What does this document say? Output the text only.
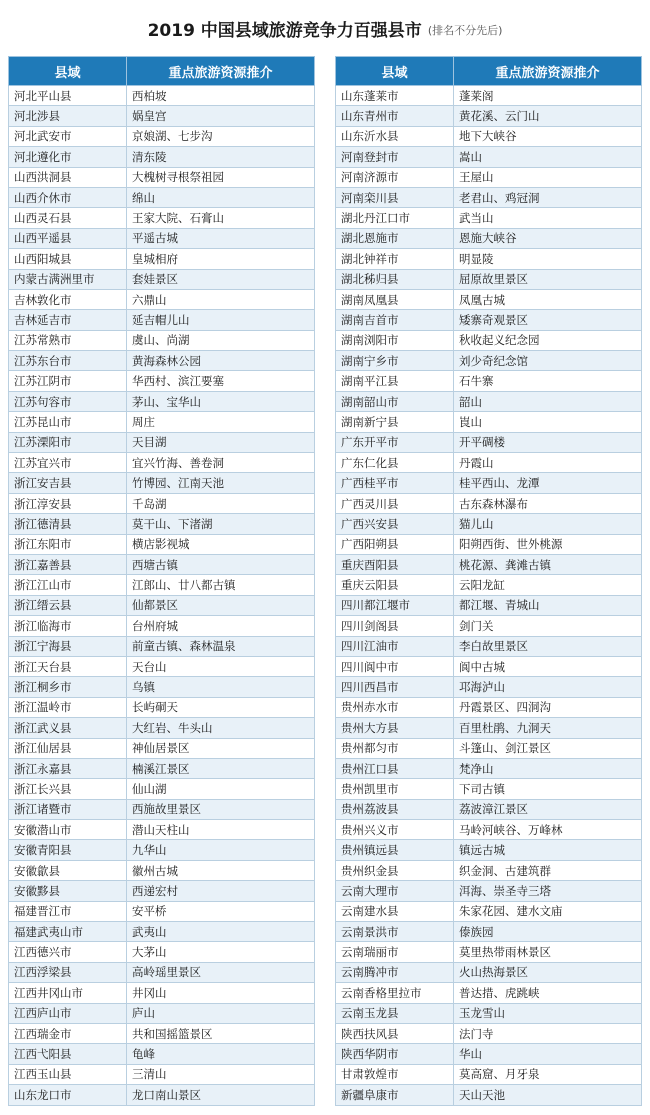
2019 中国县域旅游竞争力百强县市 (排名不分先后)
县域	重点旅游资源推介
河北平山县	西柏坡
河北涉县	娲皇宫
河北武安市	京娘湖、七步沟
河北遵化市	清东陵
山西洪洞县	大槐树寻根祭祖园
山西介休市	绵山
山西灵石县	王家大院、石膏山
山西平遥县	平遥古城
山西阳城县	皇城相府
内蒙古满洲里市	套娃景区
吉林敦化市	六鼎山
吉林延吉市	延吉帽儿山
江苏常熟市	虞山、尚湖
江苏东台市	黄海森林公园
江苏江阴市	华西村、滨江要塞
江苏句容市	茅山、宝华山
江苏昆山市	周庄
江苏溧阳市	天目湖
江苏宜兴市	宜兴竹海、善卷洞
浙江安吉县	竹博园、江南天池
浙江淳安县	千岛湖
浙江德清县	莫干山、下渚湖
浙江东阳市	横店影视城
浙江嘉善县	西塘古镇
浙江江山市	江郎山、廿八都古镇
浙江缙云县	仙都景区
浙江临海市	台州府城
浙江宁海县	前童古镇、森林温泉
浙江天台县	天台山
浙江桐乡市	乌镇
浙江温岭市	长屿硐天
浙江武义县	大红岩、牛头山
浙江仙居县	神仙居景区
浙江永嘉县	楠溪江景区
浙江长兴县	仙山湖
浙江诸暨市	西施故里景区
安徽潜山市	潜山天柱山
安徽青阳县	九华山
安徽歙县	徽州古城
安徽黟县	西递宏村
福建晋江市	安平桥
福建武夷山市	武夷山
江西德兴市	大茅山
江西浮梁县	高岭瑶里景区
江西井冈山市	井冈山
江西庐山市	庐山
江西瑞金市	共和国摇篮景区
江西弋阳县	龟峰
江西玉山县	三清山
山东龙口市	龙口南山景区
县域	重点旅游资源推介
山东蓬莱市	蓬莱阁
山东青州市	黄花溪、云门山
山东沂水县	地下大峡谷
河南登封市	嵩山
河南济源市	王屋山
河南栾川县	老君山、鸡冠洞
湖北丹江口市	武当山
湖北恩施市	恩施大峡谷
湖北钟祥市	明显陵
湖北秭归县	屈原故里景区
湖南凤凰县	凤凰古城
湖南吉首市	矮寨奇观景区
湖南浏阳市	秋收起义纪念园
湖南宁乡市	刘少奇纪念馆
湖南平江县	石牛寨
湖南韶山市	韶山
湖南新宁县	崀山
广东开平市	开平碉楼
广东仁化县	丹霞山
广西桂平市	桂平西山、龙潭
广西灵川县	古东森林瀑布
广西兴安县	猫儿山
广西阳朔县	阳朔西街、世外桃源
重庆酉阳县	桃花源、龚滩古镇
重庆云阳县	云阳龙缸
四川都江堰市	都江堰、青城山
四川剑阁县	剑门关
四川江油市	李白故里景区
四川阆中市	阆中古城
四川西昌市	邛海泸山
贵州赤水市	丹霞景区、四洞沟
贵州大方县	百里杜鹃、九洞天
贵州都匀市	斗篷山、剑江景区
贵州江口县	梵净山
贵州凯里市	下司古镇
贵州荔波县	荔波漳江景区
贵州兴义市	马岭河峡谷、万峰林
贵州镇远县	镇远古城
贵州织金县	织金洞、古建筑群
云南大理市	洱海、崇圣寺三塔
云南建水县	朱家花园、建水文庙
云南景洪市	傣族园
云南瑞丽市	莫里热带雨林景区
云南腾冲市	火山热海景区
云南香格里拉市	普达措、虎跳峡
云南玉龙县	玉龙雪山
陕西扶风县	法门寺
陕西华阴市	华山
甘肃敦煌市	莫高窟、月牙泉
新疆阜康市	天山天池
